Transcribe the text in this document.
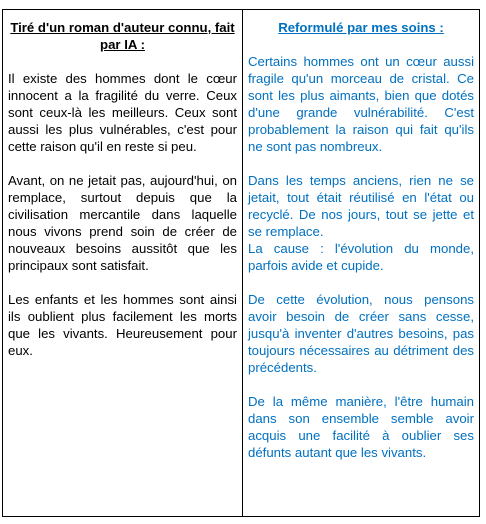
Tiré d'un roman d'auteur connu, fait par IA :

Il existe des hommes dont le cœur innocent a la fragilité du verre. Ceux sont ceux-là les meilleurs. Ceux sont aussi les plus vulnérables, c'est pour cette raison qu'il en reste si peu.

Avant, on ne jetait pas, aujourd'hui, on remplace, surtout depuis que la civilisation mercantile dans laquelle nous vivons prend soin de créer de nouveaux besoins aussitôt que les principaux sont satisfait.

Les enfants et les hommes sont ainsi ils oublient plus facilement les morts que les vivants. Heureusement pour eux.

Reformulé par mes soins :

Certains hommes ont un cœur aussi fragile qu'un morceau de cristal. Ce sont les plus aimants, bien que dotés d'une grande vulnérabilité. C'est probablement la raison qui fait qu'ils ne sont pas nombreux.

Dans les temps anciens, rien ne se jetait, tout était réutilisé en l'état ou recyclé. De nos jours, tout se jette et se remplace.

La cause : l'évolution du monde, parfois avide et cupide.

De cette évolution, nous pensons avoir besoin de créer sans cesse, jusqu'à inventer d'autres besoins, pas toujours nécessaires au détriment des précédents.

De la même manière, l'être humain dans son ensemble semble avoir acquis une facilité à oublier ses défunts autant que les vivants.
